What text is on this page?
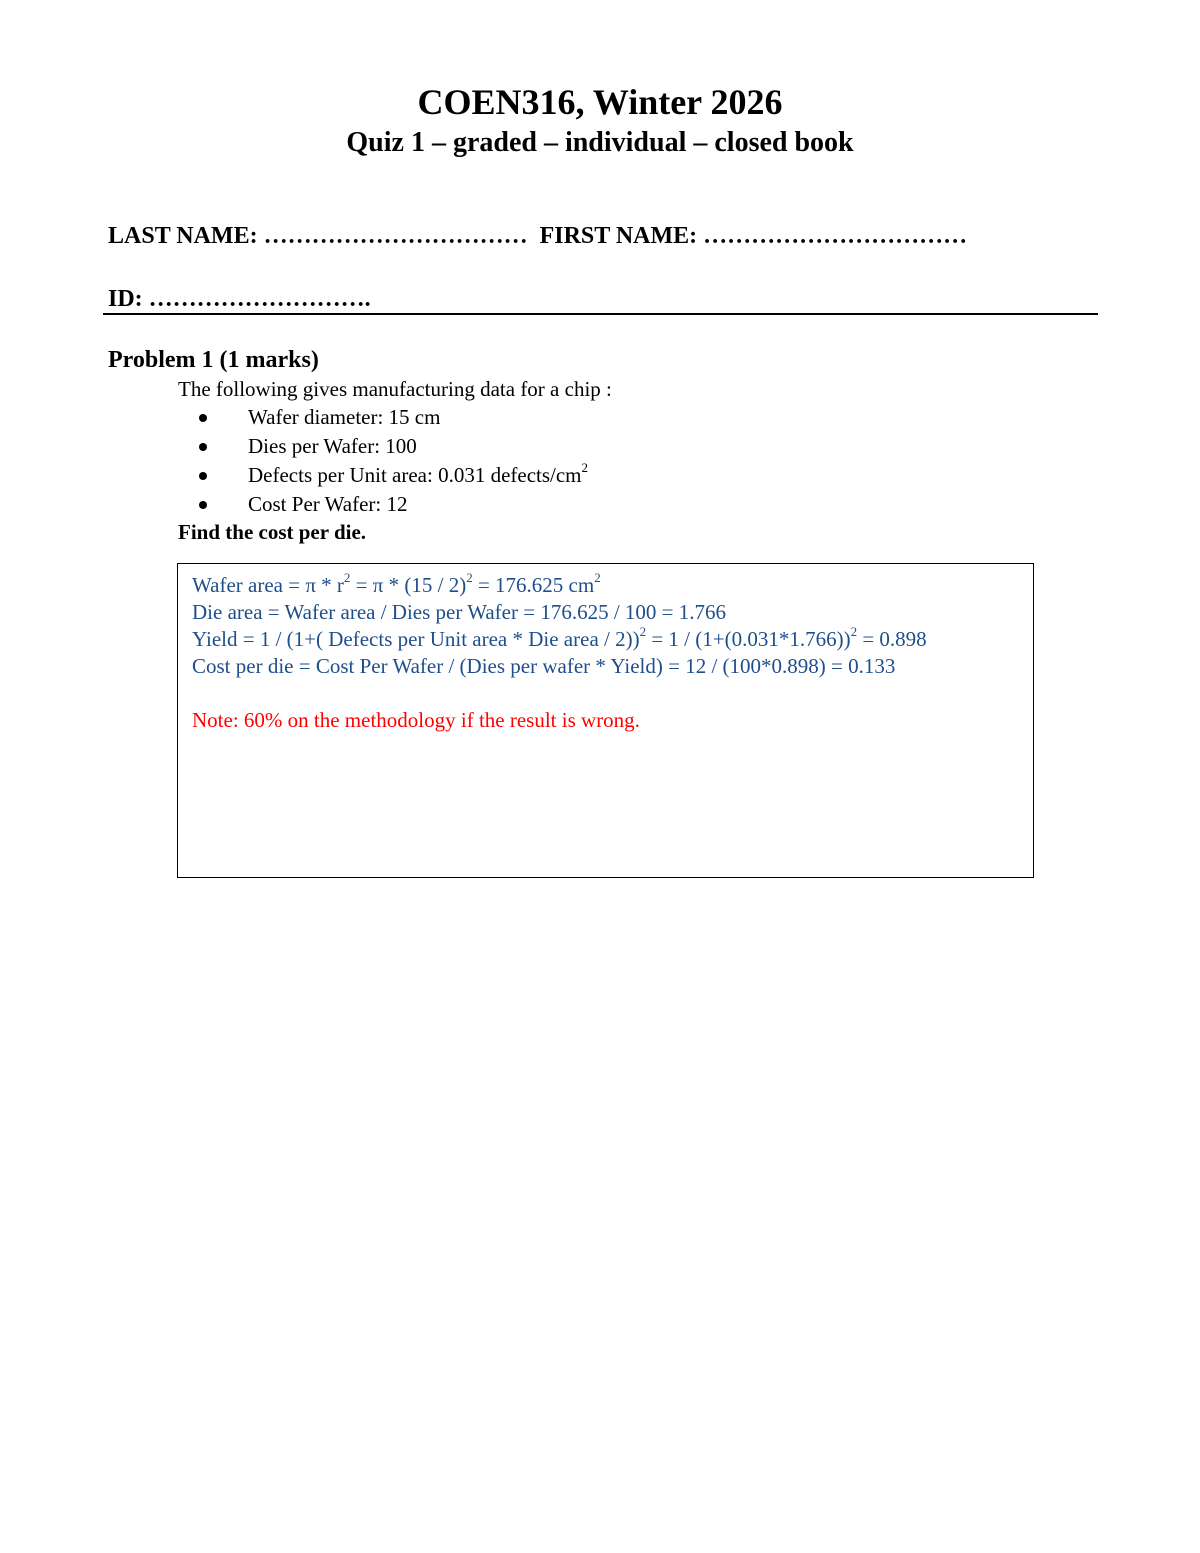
COEN316, Winter 2026
Quiz 1 – graded – individual – closed book
LAST NAME: …………………………… FIRST NAME: ……………………………
ID: ……………………….
Problem 1 (1 marks)
The following gives manufacturing data for a chip :
Wafer diameter: 15 cm
Dies per Wafer: 100
Defects per Unit area: 0.031 defects/$cm^2$
Cost Per Wafer: 12
Find the cost per die.
Wafer area = $\pi * r^2 = \pi * (15 / 2)^2 = 176.625$ $cm^2$
Die area = Wafer area / Dies per Wafer = 176.625 / 100 = 1.766
Yield = 1 / (1+( Defects per Unit area * Die area / $2))^2 = 1 / (1+(0.031*1.766))^2 = 0.898$
Cost per die = Cost Per Wafer / (Dies per wafer * Yield) = 12 / (100*0.898) = 0.133
Note: 60% on the methodology if the result is wrong.
